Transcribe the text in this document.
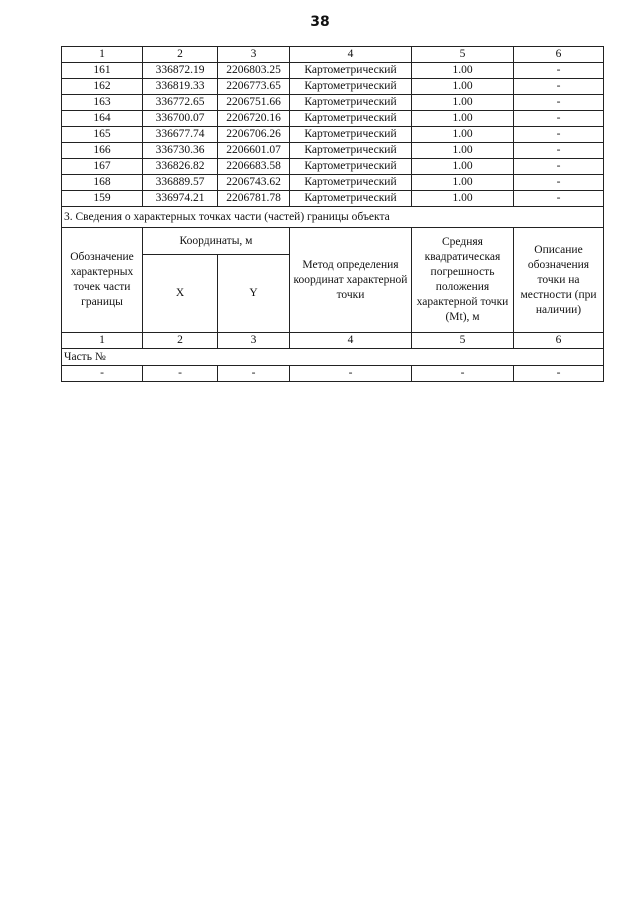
38
1	2	3	4	5	6
161	336872.19	2206803.25	Картометрический	1.00	-
162	336819.33	2206773.65	Картометрический	1.00	-
163	336772.65	2206751.66	Картометрический	1.00	-
164	336700.07	2206720.16	Картометрический	1.00	-
165	336677.74	2206706.26	Картометрический	1.00	-
166	336730.36	2206601.07	Картометрический	1.00	-
167	336826.82	2206683.58	Картометрический	1.00	-
168	336889.57	2206743.62	Картометрический	1.00	-
159	336974.21	2206781.78	Картометрический	1.00	-
3. Сведения о характерных точках части (частей) границы объекта					
Обозначение характерных точек части границы	Координаты, м		Метод определения координат характерной точки	Средняя квадратическая погрешность положения характерной точки (Mt), м	Описание обозначения точки на местности (при наличии)
	X	Y			
1	2	3	4	5	6
Часть №					
-	-	-	-	-	-
